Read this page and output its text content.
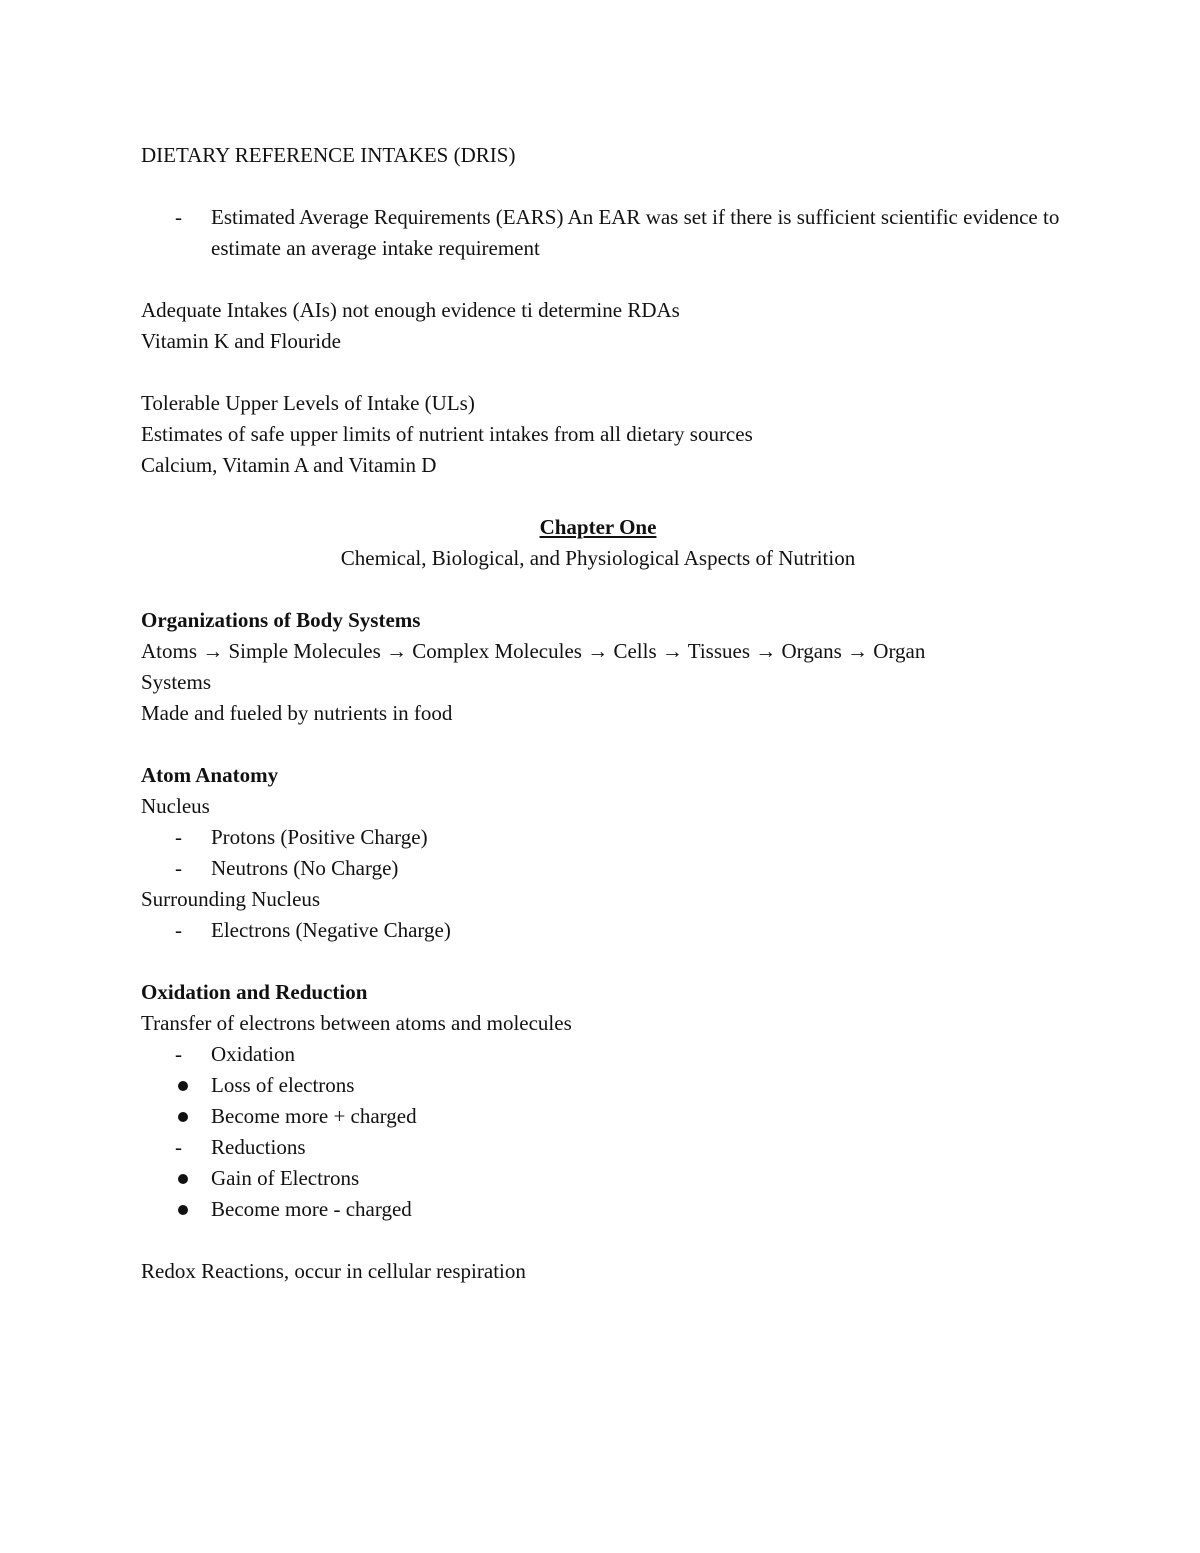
DIETARY REFERENCE INTAKES (DRIS)
-	Estimated Average Requirements (EARS) An EAR was set if there is sufficient scientific evidence to estimate an average intake requirement
Adequate Intakes (AIs) not enough evidence ti determine RDAs
Vitamin K and Flouride
Tolerable Upper Levels of Intake (ULs)
Estimates of safe upper limits of nutrient intakes from all dietary sources
Calcium, Vitamin A and Vitamin D
Chapter One
Chemical, Biological, and Physiological Aspects of Nutrition
Organizations of Body Systems
Atoms → Simple Molecules → Complex Molecules → Cells → Tissues → Organs → Organ
Systems
Made and fueled by nutrients in food
Atom Anatomy
Nucleus
-	Protons (Positive Charge)
-	Neutrons (No Charge)
Surrounding Nucleus
-	Electrons (Negative Charge)
Oxidation and Reduction
Transfer of electrons between atoms and molecules
-	Oxidation
Loss of electrons
Become more + charged
-	Reductions
Gain of Electrons
Become more - charged
Redox Reactions, occur in cellular respiration
